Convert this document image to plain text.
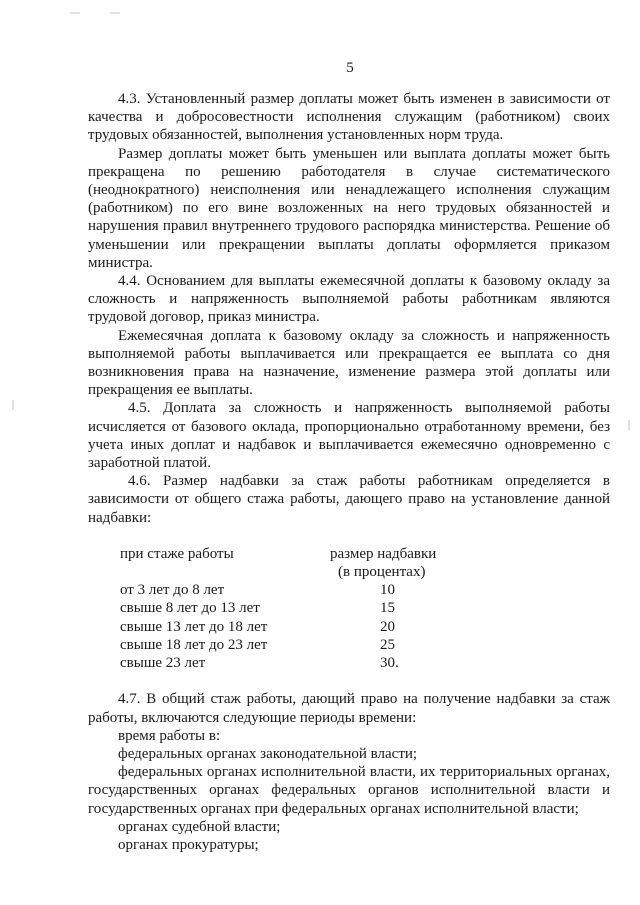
5

4.3. Установленный размер доплаты может быть изменен в зависимости от качества и добросовестности исполнения служащим (работником) своих трудовых обязанностей, выполнения установленных норм труда.

Размер доплаты может быть уменьшен или выплата доплаты может быть прекращена по решению работодателя в случае систематического (неоднократного) неисполнения или ненадлежащего исполнения служащим (работником) по его вине возложенных на него трудовых обязанностей и нарушения правил внутреннего трудового распорядка министерства. Решение об уменьшении или прекращении выплаты доплаты оформляется приказом министра.

4.4. Основанием для выплаты ежемесячной доплаты к базовому окладу за сложность и напряженность выполняемой работы работникам являются трудовой договор, приказ министра.

Ежемесячная доплата к базовому окладу за сложность и напряженность выполняемой работы выплачивается или прекращается ее выплата со дня возникновения права на назначение, изменение размера этой доплаты или прекращения ее выплаты.

4.5. Доплата за сложность и напряженность выполняемой работы исчисляется от базового оклада, пропорционально отработанному времени, без учета иных доплат и надбавок и выплачивается ежемесячно одновременно с заработной платой.

4.6. Размер надбавки за стаж работы работникам определяется в зависимости от общего стажа работы, дающего право на установление данной надбавки:

при стаже работы	размер надбавки
(в процентах)
от 3 лет до 8 лет	10
свыше 8 лет до 13 лет	15
свыше 13 лет до 18 лет	20
свыше 18 лет до 23 лет	25
свыше 23 лет	30.

4.7. В общий стаж работы, дающий право на получение надбавки за стаж работы, включаются следующие периоды времени:

время работы в:

федеральных органах законодательной власти;

федеральных органах исполнительной власти, их территориальных органах, государственных органах федеральных органов исполнительной власти и государственных органах при федеральных органах исполнительной власти;

органах судебной власти;

органах прокуратуры;
